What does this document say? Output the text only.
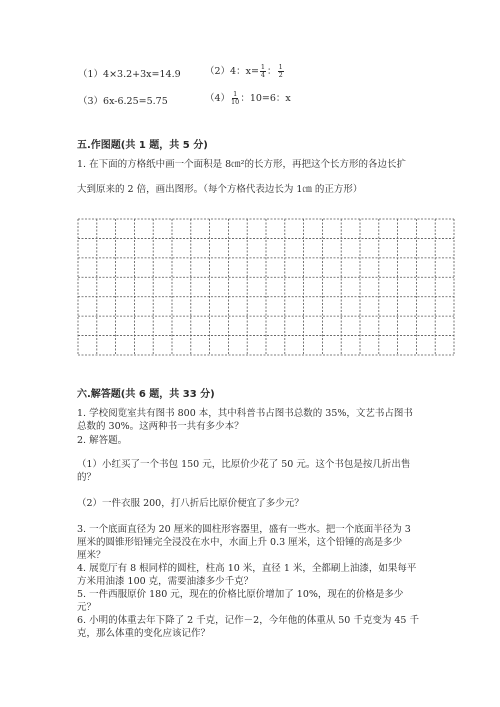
（1）4×3.2+3x=14.9	（2）4：$x= \frac{1}{4}$ ： $\frac{1}{2}$
（3）6x-6.25=5.75	$(4) \frac{1}{10}$ ：10=6：x
五.作图题(共 1 题，共 5 分)
1. 在下面的方格纸中画一个面积是 8㎝²的长方形，再把这个长方形的各边长扩
大到原来的 2 倍，画出图形。（每个方格代表边长为 1㎝ 的正方形）
六.解答题(共 6 题，共 33 分)
1. 学校阅览室共有图书 800 本，其中科普书占图书总数的 35%，文艺书占图书
总数的 30%。这两种书一共有多少本？
2. 解答题。
（1）小红买了一个书包 150 元，比原价少花了 50 元。这个书包是按几折出售
的？
（2）一件衣服 200，打八折后比原价便宜了多少元？
3. 一个底面直径为 20 厘米的圆柱形容器里，盛有一些水。把一个底面半径为 3
厘米的圆锥形铅锤完全浸没在水中，水面上升 0.3 厘米，这个铅锤的高是多少
厘米？
4. 展览厅有 8 根同样的圆柱，柱高 10 米，直径 1 米，全都刷上油漆，如果每平
方米用油漆 100 克，需要油漆多少千克？
5. 一件西服原价 180 元，现在的价格比原价增加了 10%，现在的价格是多少
元？
6. 小明的体重去年下降了 2 千克，记作－2，今年他的体重从 50 千克变为 45 千
克，那么体重的变化应该记作？
